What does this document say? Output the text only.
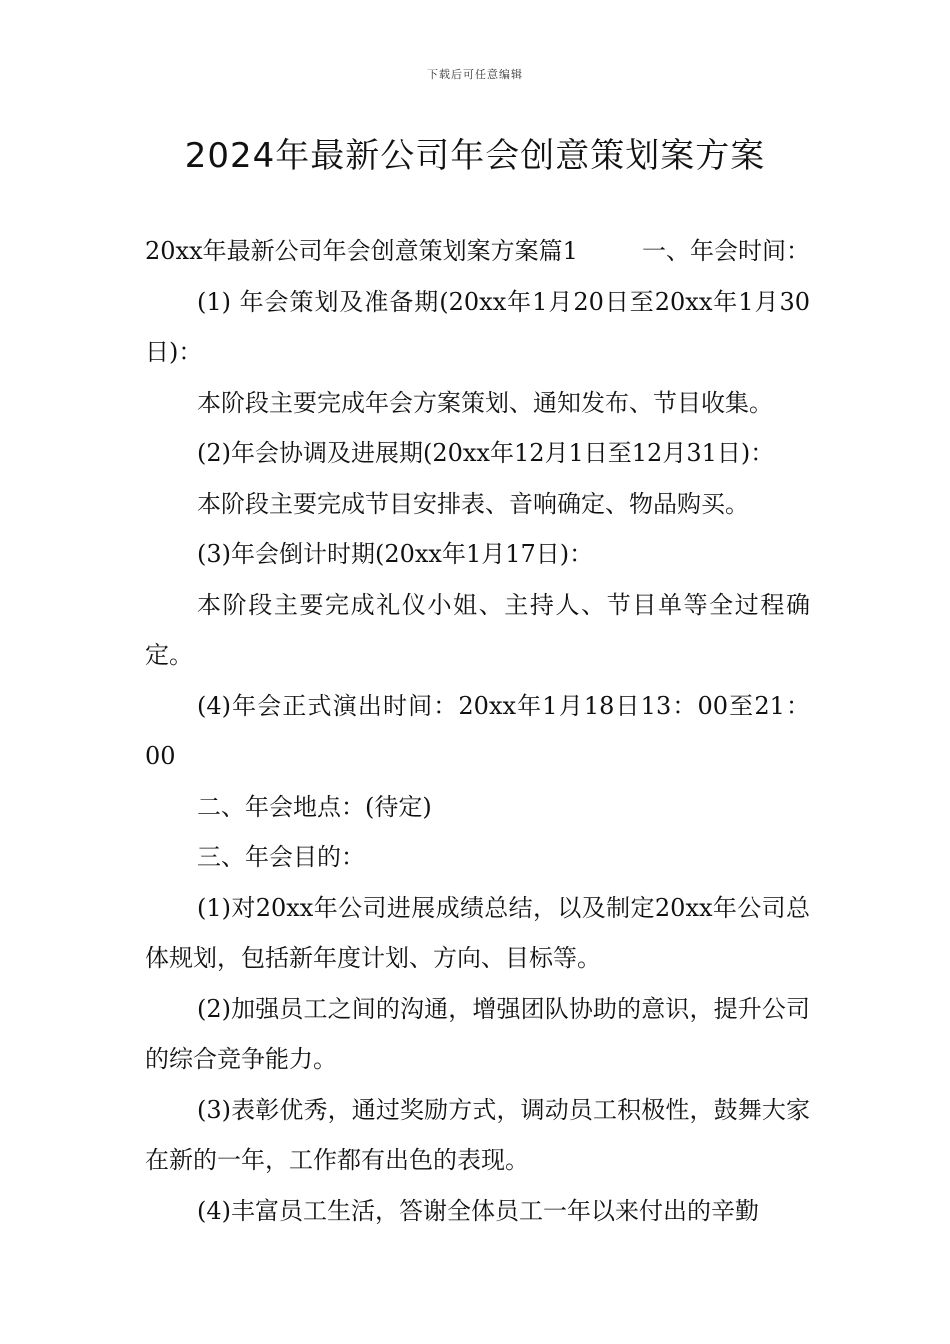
下载后可任意编辑
2024年最新公司年会创意策划案方案
20xx年最新公司年会创意策划案方案篇1	一、年会时间：

(1) 年会策划及准备期(20xx年1月20日至20xx年1月30日)：

本阶段主要完成年会方案策划、通知发布、节目收集。

(2)年会协调及进展期(20xx年12月1日至12月31日)：

本阶段主要完成节目安排表、音响确定、物品购买。

(3)年会倒计时期(20xx年1月17日)：

本阶段主要完成礼仪小姐、主持人、节目单等全过程确定。

(4)年会正式演出时间：20xx年1月18日13：00至21：00

二、年会地点：(待定)

三、年会目的：

(1)对20xx年公司进展成绩总结，以及制定20xx年公司总体规划，包括新年度计划、方向、目标等。

(2)加强员工之间的沟通，增强团队协助的意识，提升公司的综合竞争能力。

(3)表彰优秀，通过奖励方式，调动员工积极性，鼓舞大家在新的一年，工作都有出色的表现。

(4)丰富员工生活，答谢全体员工一年以来付出的辛勤
